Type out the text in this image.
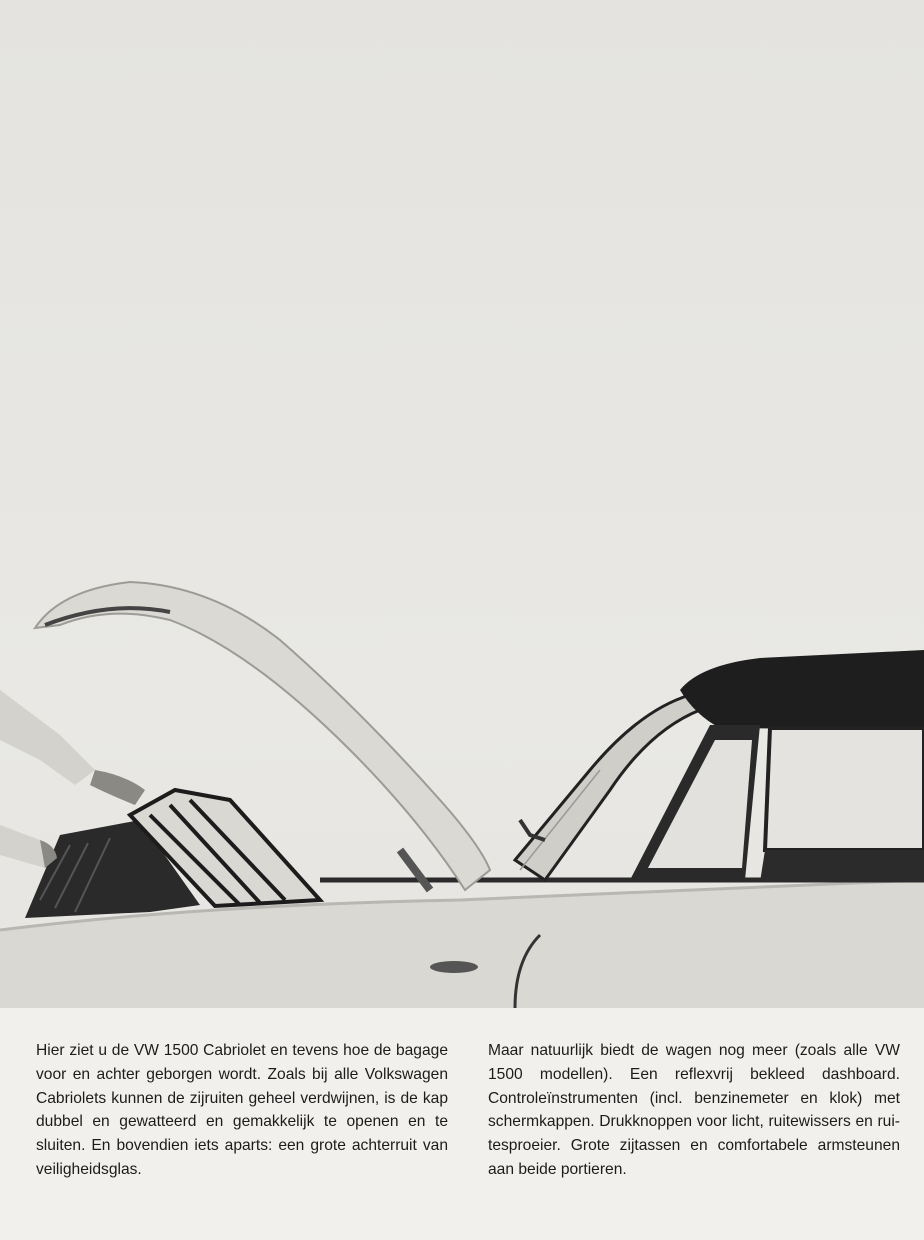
Hier ziet u de VW 1500 Cabriolet en tevens hoe de bagage voor en achter geborgen wordt. Zoals bij alle Volkswagen Cabriolets kunnen de zijruiten geheel verdwijnen, is de kap dubbel en gewatteerd en gemakkelijk te openen en te sluiten. En bovendien iets aparts: een grote achterruit van veiligheidsglas.

Maar natuurlijk biedt de wagen nog meer (zoals alle VW 1500 modellen). Een reflexvrij bekleed dashboard. Controleïnstrumenten (incl. benzinemeter en klok) met schermkappen. Drukknoppen voor licht, ruitewissers en ruitesproeier. Grote zijtassen en comfortabele armsteunen aan beide portieren.
